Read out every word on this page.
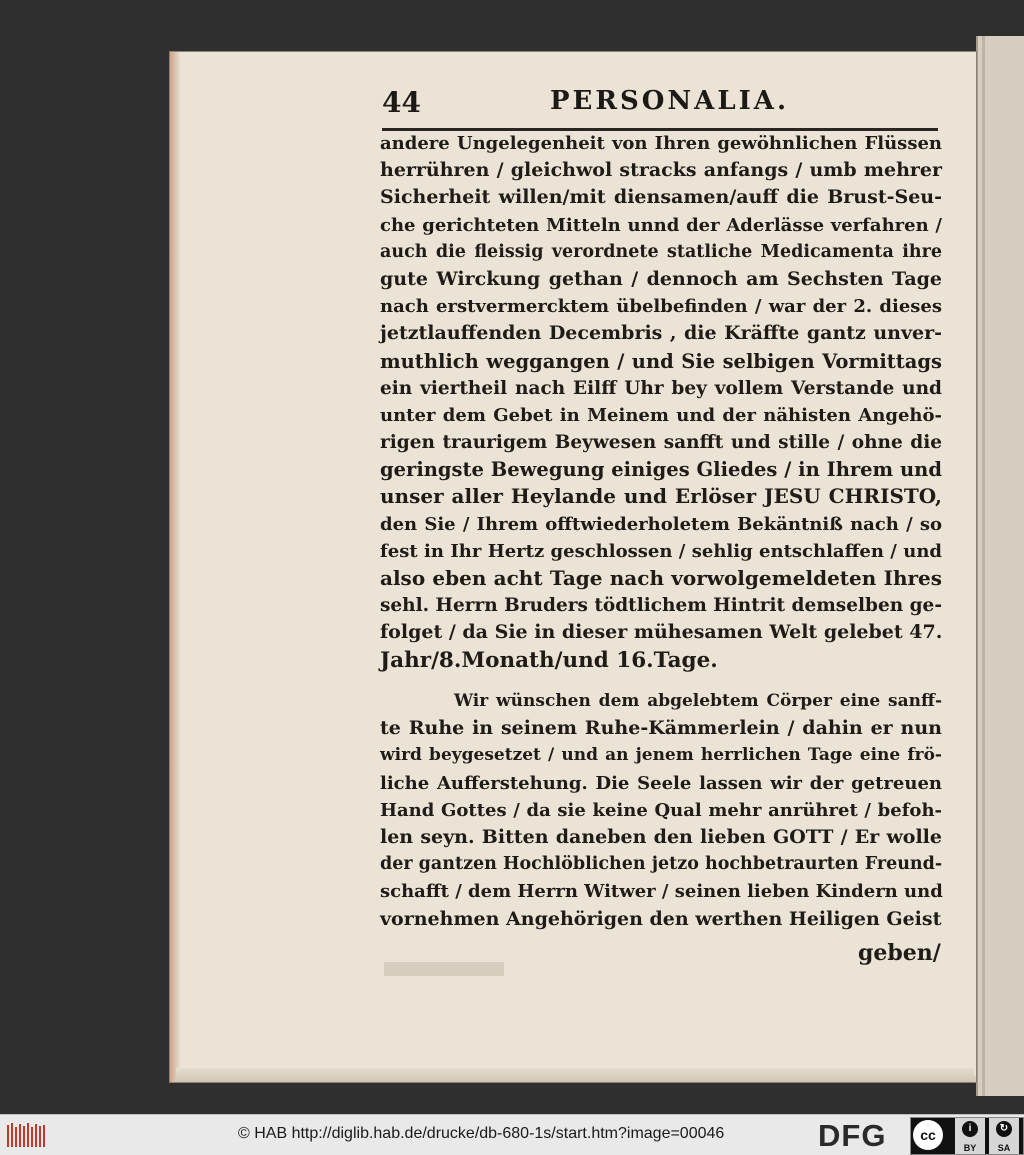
44	PERSONALIA.
andere Ungelegenheit von Ihren gewöhnlichen Flüssen
herrühren / gleichwol stracks anfangs / umb mehrer
Sicherheit willen/mit diensamen/auff die Brust-Seu-
che gerichteten Mitteln unnd der Aderlässe verfahren /
auch die fleissig verordnete statliche Medicamenta ihre
gute Wirckung gethan / dennoch am Sechsten Tage
nach erstvermercktem übelbefinden / war der 2. dieses
jetztlauffenden Decembris , die Kräffte gantz unver-
muthlich weggangen / und Sie selbigen Vormittags
ein viertheil nach Eilff Uhr bey vollem Verstande und
unter dem Gebet in Meinem und der nähisten Angehö-
rigen traurigem Beywesen sanfft und stille / ohne die
geringste Bewegung einiges Gliedes / in Ihrem und
unser aller Heylande und Erlöser JESU CHRISTO,
den Sie / Ihrem offtwiederholetem Bekäntniß nach / so
fest in Ihr Hertz geschlossen / sehlig entschlaffen / und
also eben acht Tage nach vorwolgemeldeten Ihres
sehl. Herrn Bruders tödtlichem Hintrit demselben ge-
folget / da Sie in dieser mühesamen Welt gelebet 47.
Jahr/8.Monath/und 16.Tage.
Wir wünschen dem abgelebtem Cörper eine sanff-
te Ruhe in seinem Ruhe-Kämmerlein / dahin er nun
wird beygesetzet / und an jenem herrlichen Tage eine frö-
liche Aufferstehung. Die Seele lassen wir der getreuen
Hand Gottes / da sie keine Qual mehr anrühret / befoh-
len seyn. Bitten daneben den lieben GOTT / Er wolle
der gantzen Hochlöblichen jetzo hochbetraurten Freund-
schafft / dem Herrn Witwer / seinen lieben Kindern und
vornehmen Angehörigen den werthen Heiligen Geist
geben/
© HAB http://diglib.hab.de/drucke/db-680-1s/start.htm?image=00046	DFG	cc	i
BY
↻
SA
